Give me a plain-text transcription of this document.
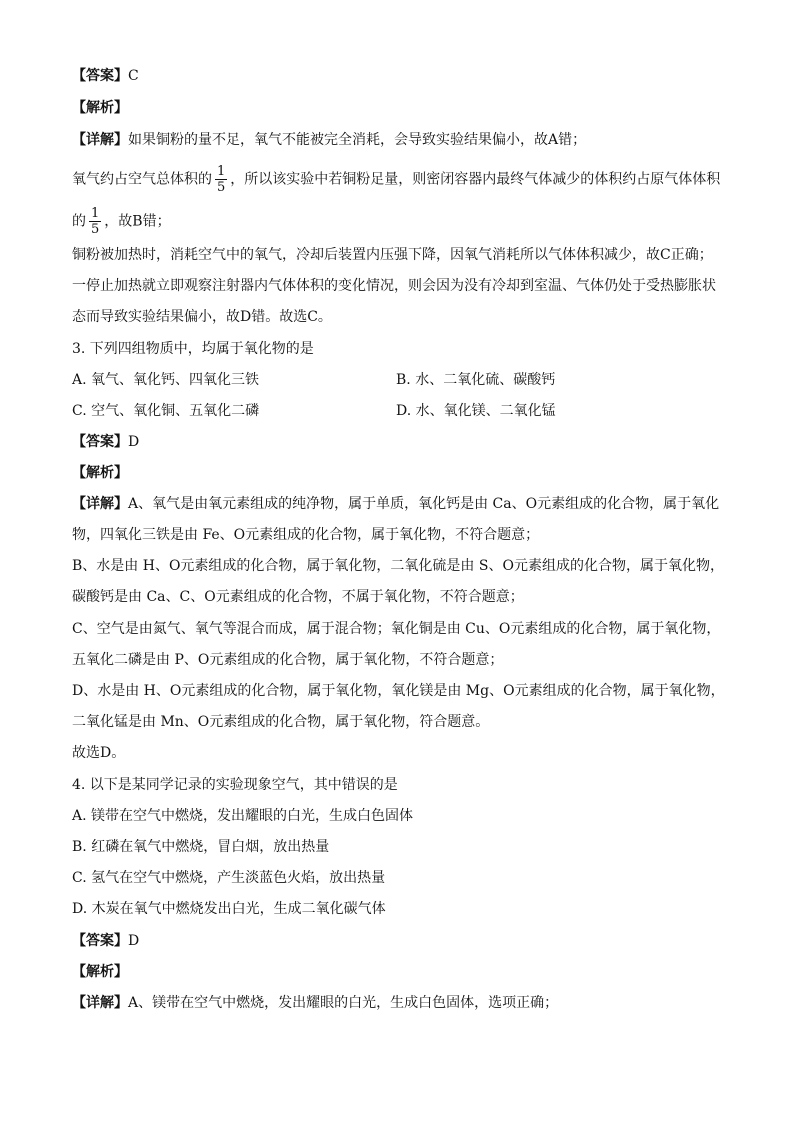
【答案】C
【解析】
【详解】如果铜粉的量不足，氧气不能被完全消耗，会导致实验结果偏小，故A错；
氧气约占空气总体积的 $\frac{1}{5}$ ，所以该实验中若铜粉足量，则密闭容器内最终气体减少的体积约占原气体体积
的 $\frac{1}{5}$ ，故B错；
铜粉被加热时，消耗空气中的氧气，冷却后装置内压强下降，因氧气消耗所以气体体积减少，故C正确；
一停止加热就立即观察注射器内气体体积的变化情况，则会因为没有冷却到室温、气体仍处于受热膨胀状
态而导致实验结果偏小，故D错。故选C。
3. 下列四组物质中，均属于氧化物的是
A. 氧气、氧化钙、四氧化三铁	B. 水、二氧化硫、碳酸钙
C. 空气、氧化铜、五氧化二磷	D. 水、氧化镁、二氧化锰
【答案】D
【解析】
【详解】A、氧气是由氧元素组成的纯净物，属于单质，氧化钙是由 Ca、O元素组成的化合物，属于氧化
物，四氧化三铁是由 Fe、O元素组成的化合物，属于氧化物，不符合题意；
B、水是由 H、O元素组成的化合物，属于氧化物，二氧化硫是由 S、O元素组成的化合物，属于氧化物，
碳酸钙是由 Ca、C、O元素组成的化合物，不属于氧化物，不符合题意；
C、空气是由氮气、氧气等混合而成，属于混合物；氧化铜是由 Cu、O元素组成的化合物，属于氧化物，
五氧化二磷是由 P、O元素组成的化合物，属于氧化物，不符合题意；
D、水是由 H、O元素组成的化合物，属于氧化物，氧化镁是由 Mg、O元素组成的化合物，属于氧化物，
二氧化锰是由 Mn、O元素组成的化合物，属于氧化物，符合题意。
故选D。
4. 以下是某同学记录的实验现象空气，其中错误的是
A. 镁带在空气中燃烧，发出耀眼的白光，生成白色固体
B. 红磷在氧气中燃烧，冒白烟，放出热量
C. 氢气在空气中燃烧，产生淡蓝色火焰，放出热量
D. 木炭在氧气中燃烧发出白光，生成二氧化碳气体
【答案】D
【解析】
【详解】A、镁带在空气中燃烧，发出耀眼的白光，生成白色固体，选项正确；
